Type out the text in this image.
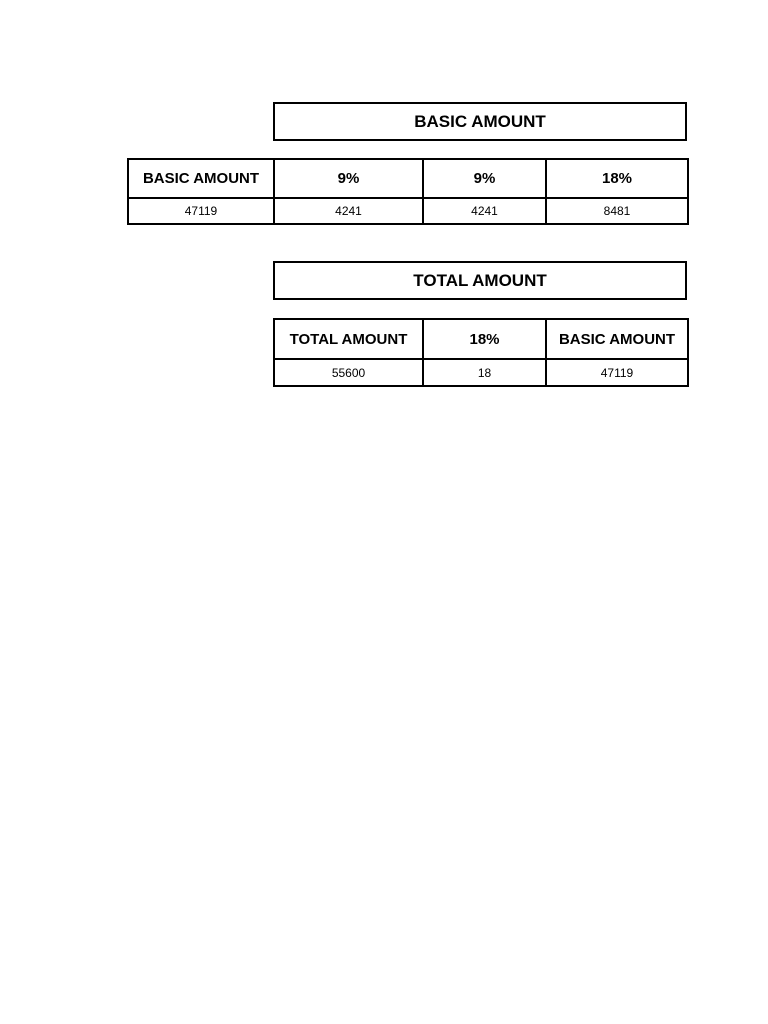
BASIC AMOUNT
BASIC AMOUNT	9%	9%	18%
47119	4241	4241	8481
TOTAL AMOUNT
TOTAL AMOUNT	18%	BASIC AMOUNT
55600	18	47119
